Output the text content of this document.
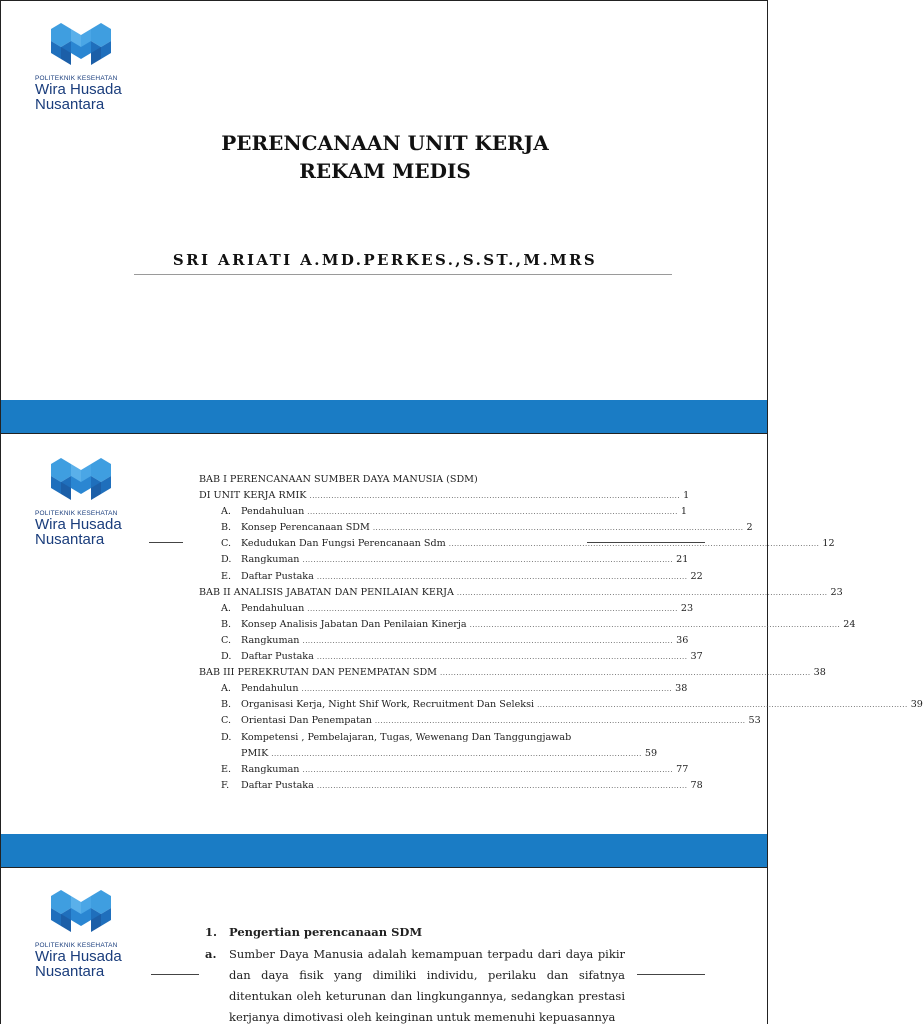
POLITEKNIK KESEHATAN
Wira Husada
Nusantara
PERENCANAAN UNIT KERJA
REKAM MEDIS
SRI ARIATI A.MD.PERKES.,S.ST.,M.MRS
POLITEKNIK KESEHATAN
Wira Husada
Nusantara
BAB I PERENCANAAN SUMBER DAYA MANUSIA (SDM)
DI UNIT KERJA RMIK ........................................................................................................................................ 1
A.	Pendahuluan ........................................................................................................................................ 1
B.	Konsep Perencanaan SDM ........................................................................................................................................ 2
C.	Kedudukan Dan Fungsi Perencanaan Sdm ........................................................................................................................................ 12
D. Rangkuman ........................................................................................................................................ 21
E.	Daftar Pustaka ........................................................................................................................................ 22
BAB II ANALISIS JABATAN DAN PENILAIAN KERJA ........................................................................................................................................ 23
A.	Pendahuluan ........................................................................................................................................ 23
B.	Konsep Analisis Jabatan Dan Penilaian Kinerja ........................................................................................................................................ 24
C.	Rangkuman ........................................................................................................................................ 36
D. Daftar Pustaka ........................................................................................................................................ 37
BAB III PEREKRUTAN DAN PENEMPATAN SDM ........................................................................................................................................ 38
A.	Pendahulun ........................................................................................................................................ 38
B.	Organisasi Kerja, Night Shif Work, Recruitment Dan Seleksi ........................................................................................................................................ 39
C.	Orientasi Dan Penempatan ........................................................................................................................................ 53
D. Kompetensi , Pembelajaran, Tugas, Wewenang Dan Tanggungjawab
PMIK ........................................................................................................................................ 59
E.	Rangkuman ........................................................................................................................................ 77
F.	Daftar Pustaka ........................................................................................................................................ 78
POLITEKNIK KESEHATAN
Wira Husada
Nusantara
1.	Pengertian perencanaan SDM
a.	Sumber Daya Manusia adalah kemampuan terpadu dari daya pikir
dan daya fisik yang dimiliki individu, perilaku dan sifatnya
ditentukan oleh keturunan dan lingkungannya, sedangkan prestasi
kerjanya dimotivasi oleh keinginan untuk memenuhi kepuasannya
